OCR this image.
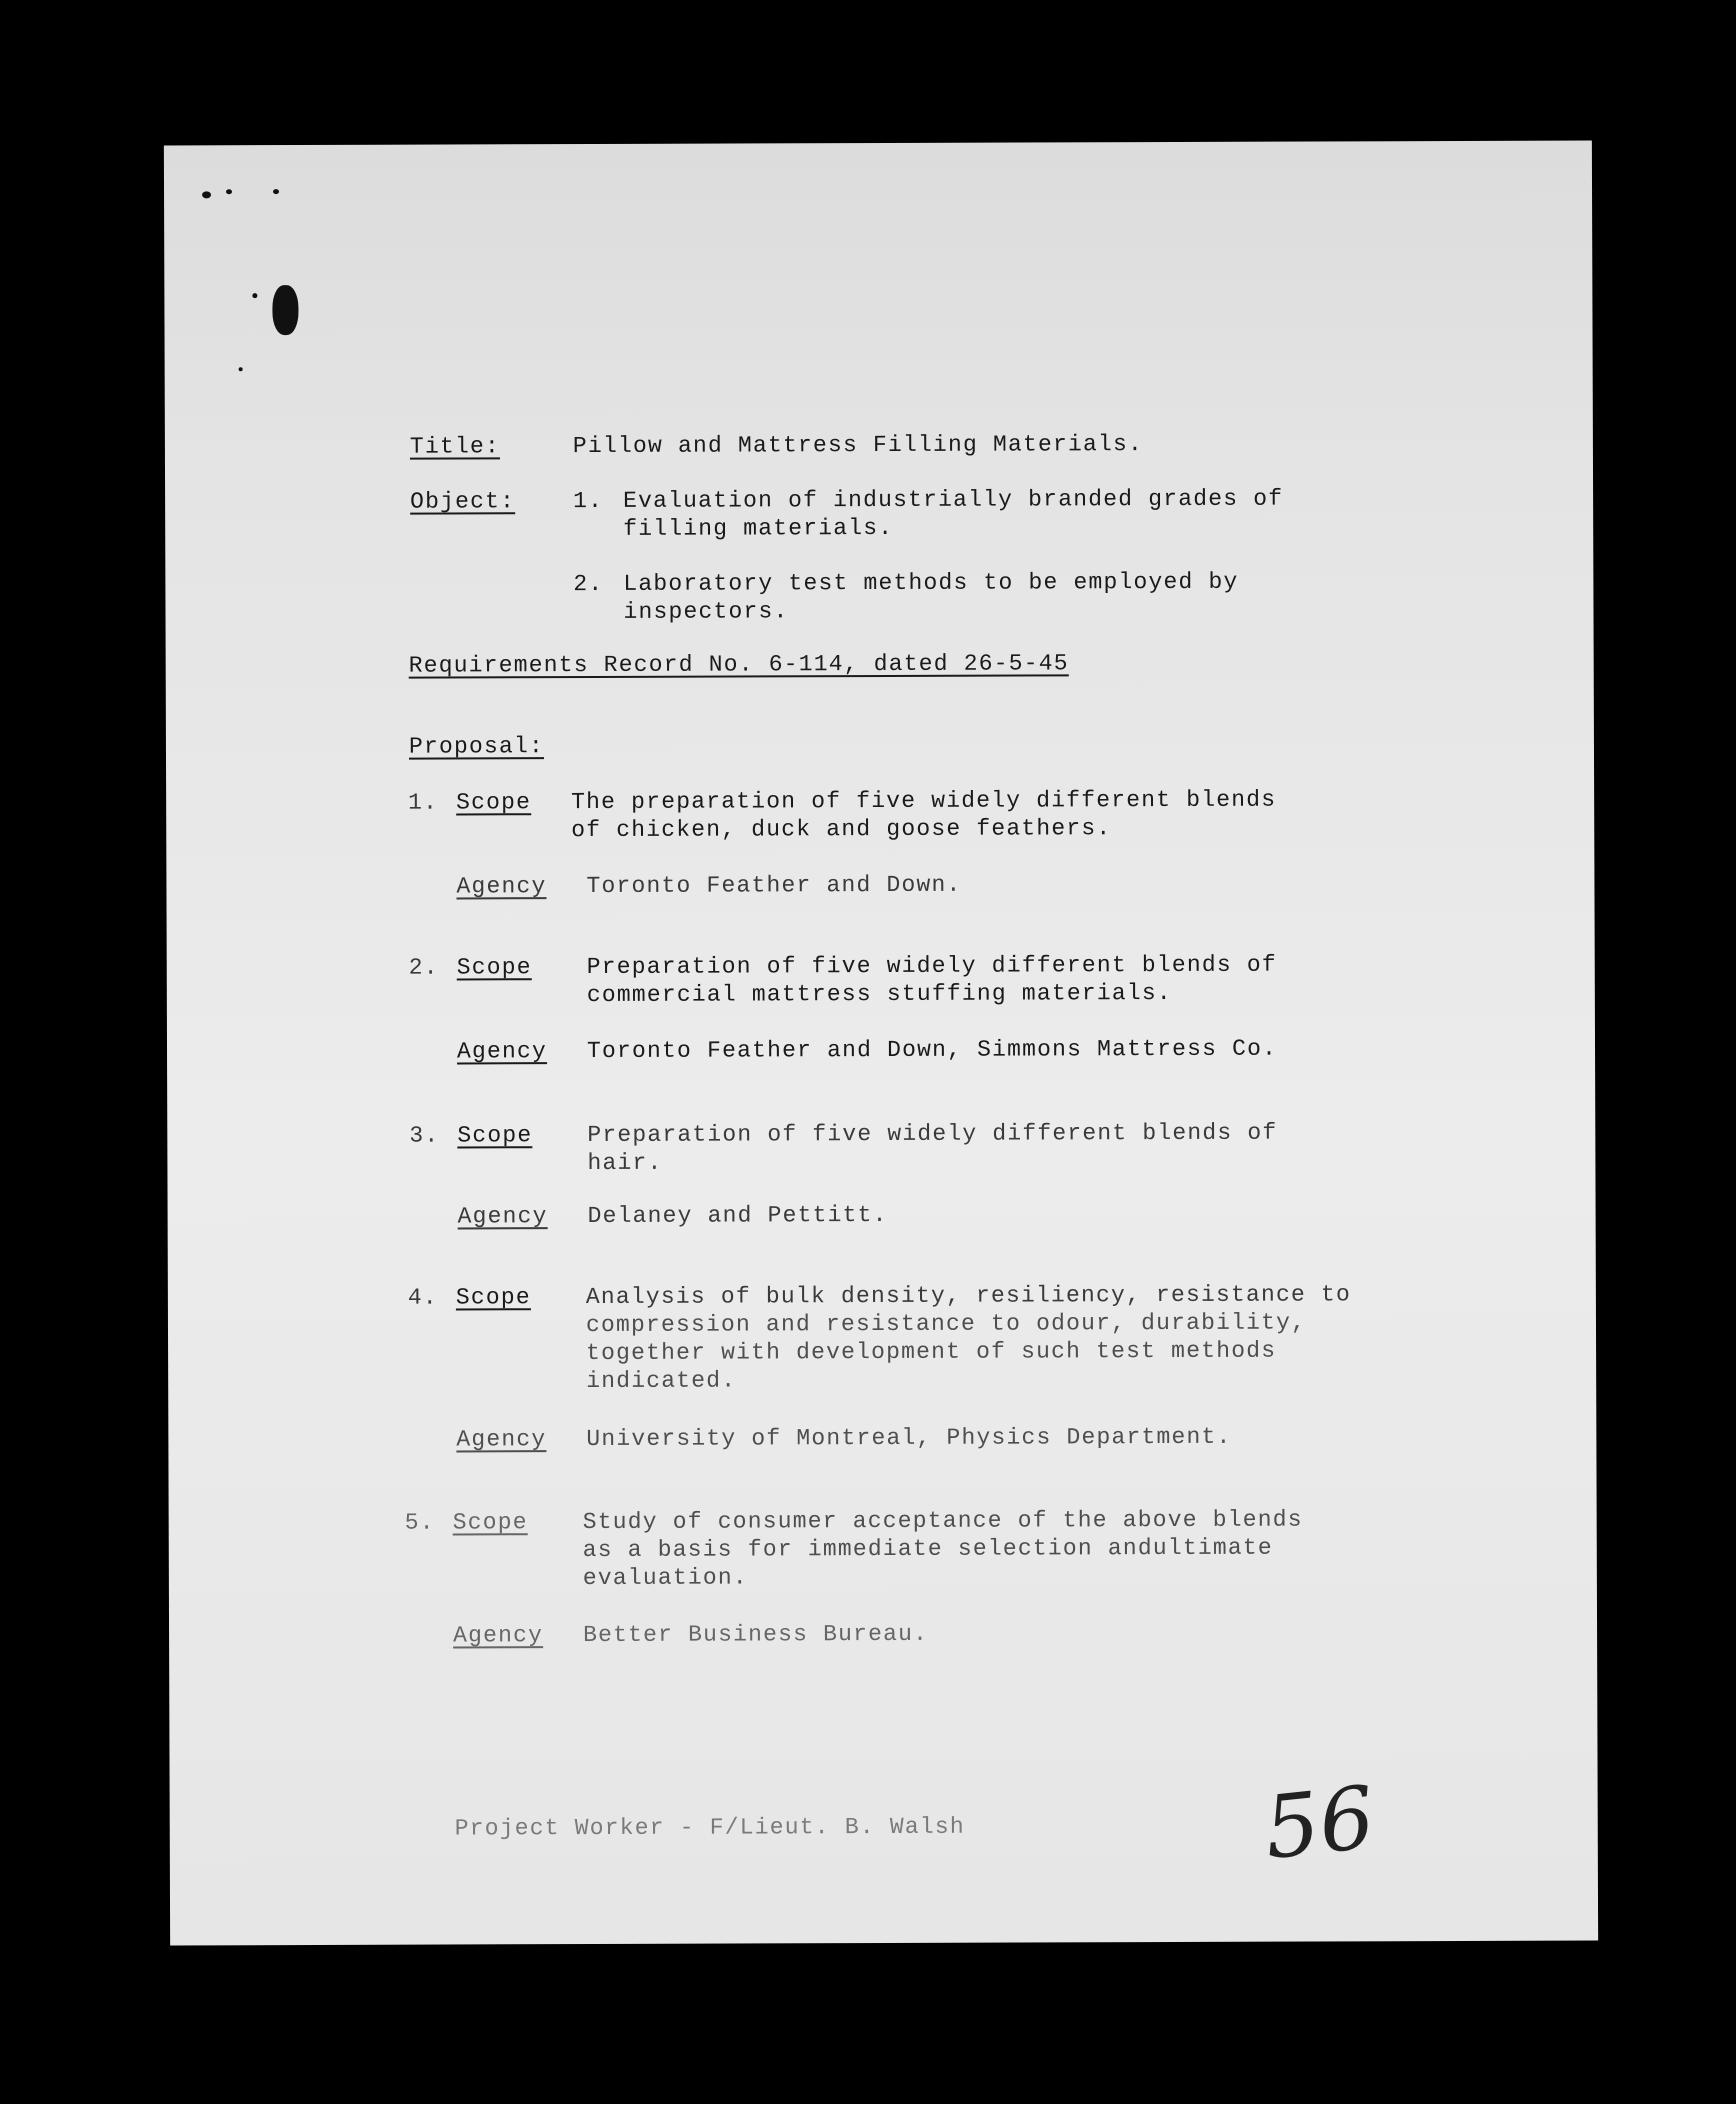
Title:	Pillow and Mattress Filling Materials.
Object:	1. Evaluation of industrially branded grades of
filling materials.
2. Laboratory test methods to be employed by
inspectors.
Requirements Record No. 6-114, dated 26-5-45
Proposal:
1. Scope The preparation of five widely different blends
of chicken, duck and goose feathers.
Agency Toronto Feather and Down.
2. Scope Preparation of five widely different blends of
commercial mattress stuffing materials.
Agency Toronto Feather and Down, Simmons Mattress Co.
3. Scope Preparation of five widely different blends of
hair.
Agency Delaney and Pettitt.
4. Scope Analysis of bulk density, resiliency, resistance to
compression and resistance to odour, durability,
together with development of such test methods
indicated.
Agency University of Montreal, Physics Department.
5. Scope Study of consumer acceptance of the above blends
as a basis for immediate selection andultimate
evaluation.
Agency Better Business Bureau.
Project Worker - F/Lieut. B. Walsh	56
